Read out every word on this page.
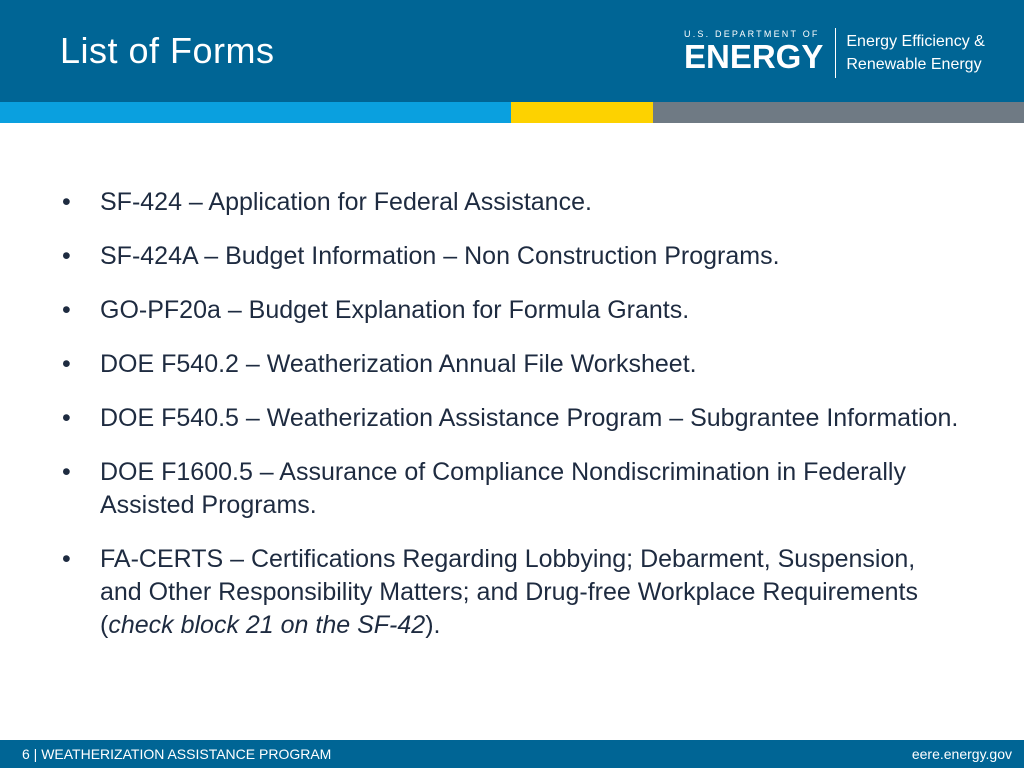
List of Forms	U.S. DEPARTMENT OF
ENERGY Energy Efficiency &
Renewable Energy
• SF-424 – Application for Federal Assistance.
• SF-424A – Budget Information – Non Construction Programs.
• GO-PF20a – Budget Explanation for Formula Grants.
• DOE F540.2 – Weatherization Annual File Worksheet.
• DOE F540.5 – Weatherization Assistance Program – Subgrantee Information.
• DOE F1600.5 – Assurance of Compliance Nondiscrimination in Federally Assisted Programs.
• FA-CERTS – Certifications Regarding Lobbying; Debarment, Suspension, and Other Responsibility Matters; and Drug-free Workplace Requirements (check block 21 on the SF-42).
6 | WEATHERIZATION ASSISTANCE PROGRAM	eere.energy.gov
